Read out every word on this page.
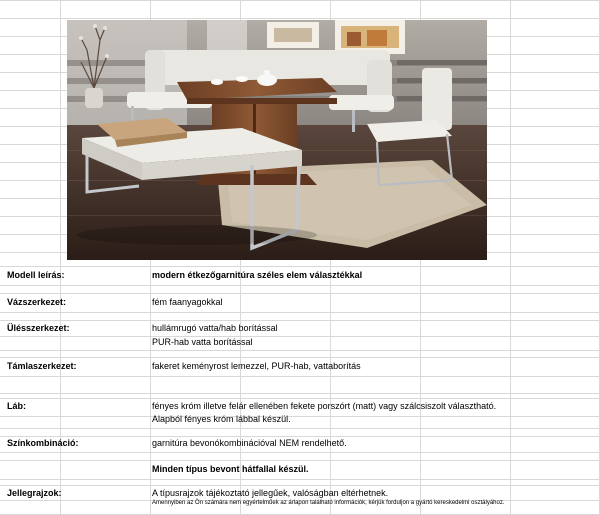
Modell leírás:	modern étkezőgarnitúra széles elem választékkal
Vázszerkezet:	fém faanyagokkal
Ülésszerkezet:	hullámrugó vatta/hab borítással
PUR-hab vatta borítással
Támlaszerkezet:	fakeret keményrost lemezzel, PUR-hab, vattaborítás
Láb:	fényes króm illetve felár ellenében fekete porszórt (matt) vagy szálcsiszolt választható.
Alapból fényes króm lábbal készül.
Színkombináció:	garnitúra bevonókombinációval NEM rendelhető.
Minden típus bevont hátfallal készül.
Jellegrajzok:	A típusrajzok tájékoztató jellegűek, valóságban eltérhetnek.
Amennyiben az Ön számára nem egyértelműek az árlapon található információk, kérjük forduljon a gyártó kereskedelmi osztályához.
